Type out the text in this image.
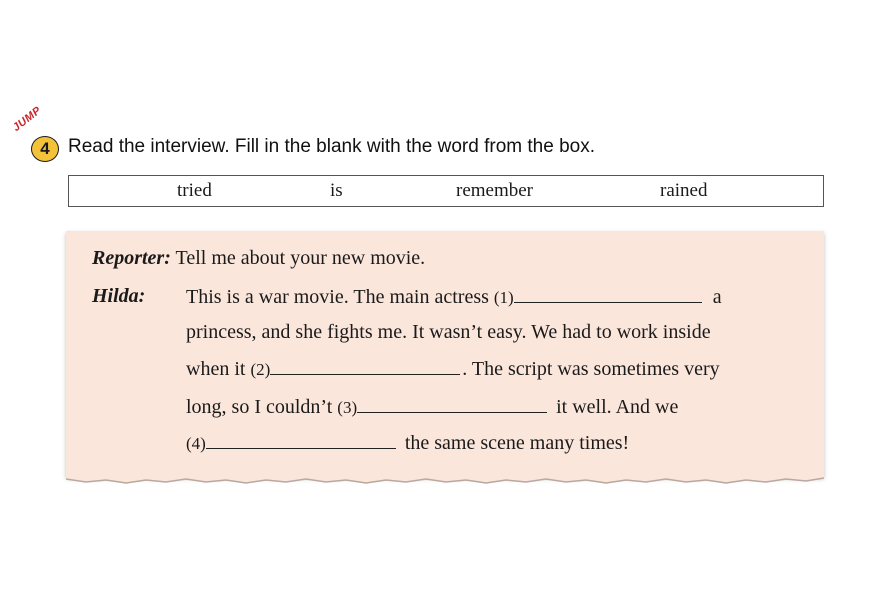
JUMP
4 Read the interview. Fill in the blank with the word from the box.
tried	is	remember	rained
Reporter: Tell me about your new movie.
Hilda: This is a war movie. The main actress (1)	a
princess, and she fights me. It wasn’t easy. We had to work inside
when it (2)	. The script was sometimes very
long, so I couldn’t (3)	it well. And we
(4)	the same scene many times!
